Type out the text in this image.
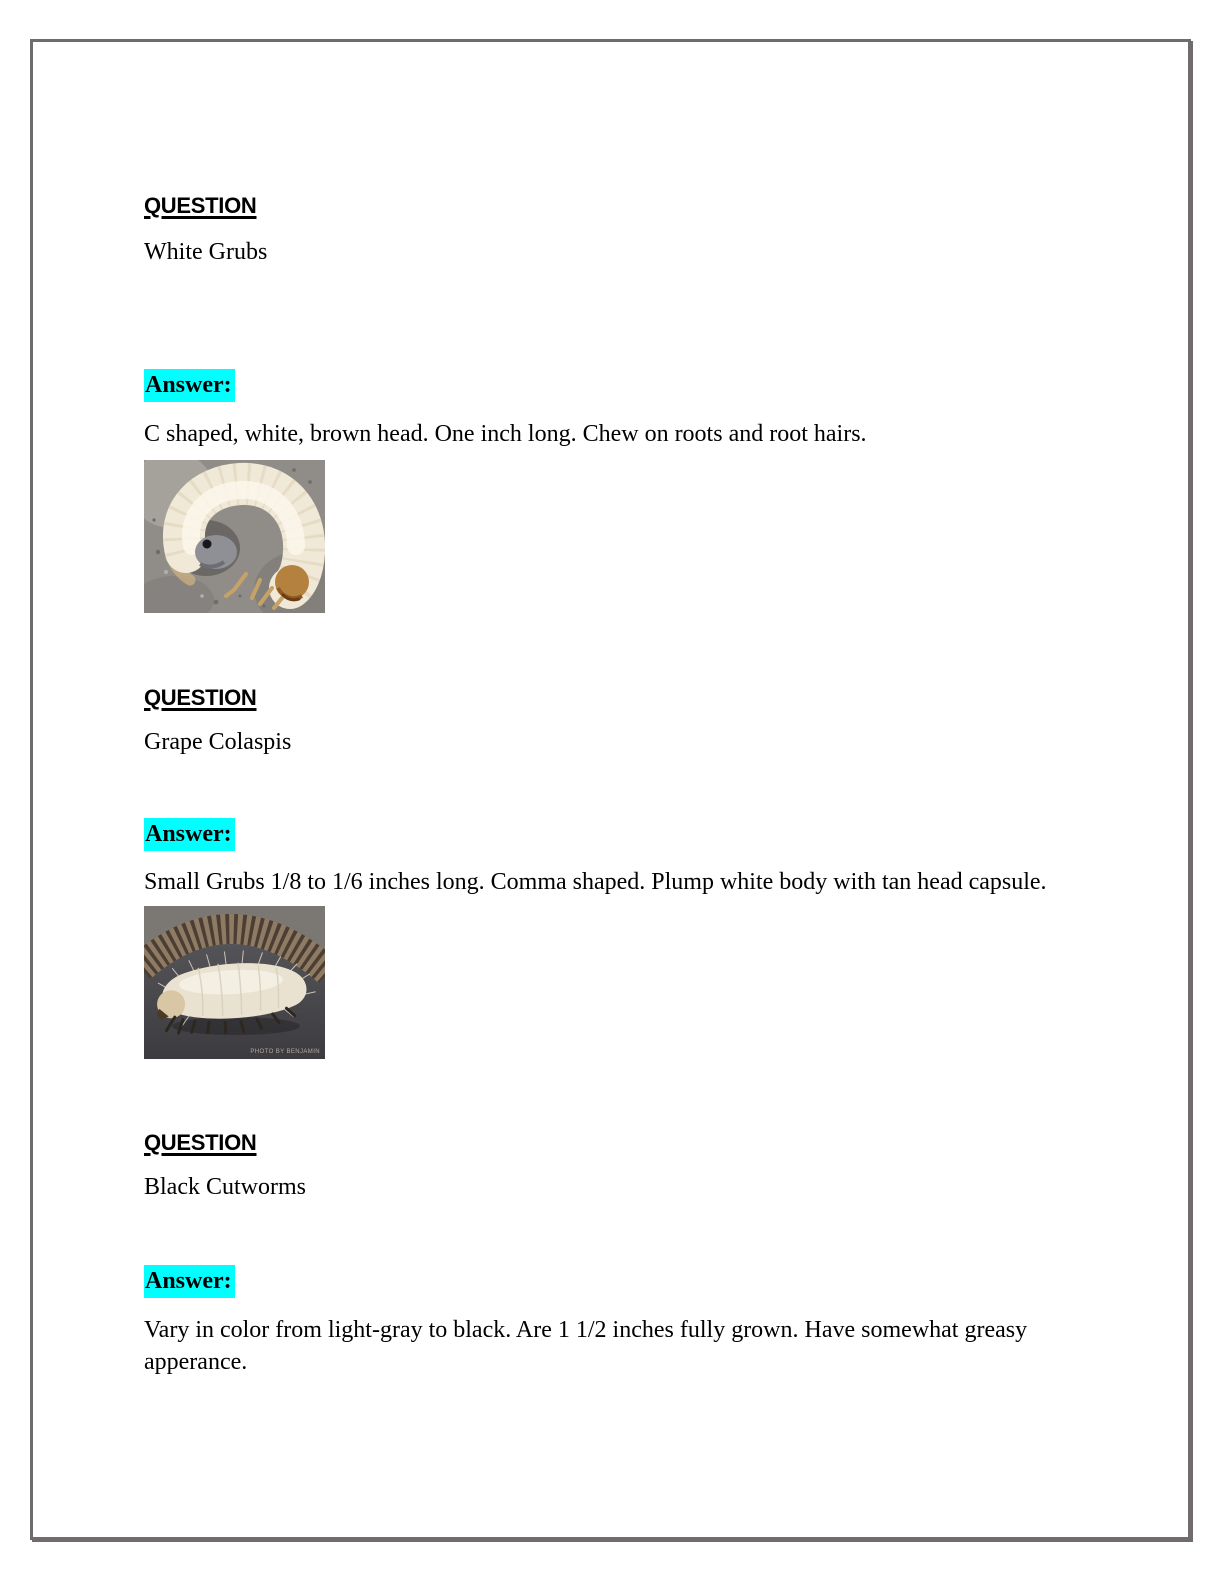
QUESTION

White Grubs

Answer:

C shaped, white, brown head. One inch long. Chew on roots and root hairs.

QUESTION

Grape Colaspis

Answer:

Small Grubs 1/8 to 1/6 inches long. Comma shaped. Plump white body with tan head capsule.

PHOTO BY BENJAMIN
QUESTION

Black Cutworms

Answer:

Vary in color from light-gray to black. Are 1 1/2 inches fully grown. Have somewhat greasy apperance.
